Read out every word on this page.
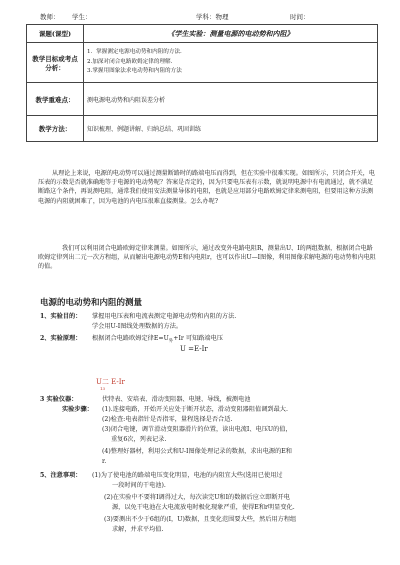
教师： 学生：	学科：物理	时间：
课题(课型)	《学生实验：测量电源的电动势和内阻》
教学目标或考点分析：	1．掌握测定电源电动势和内阻的方法.
2.加深对闭合电路欧姆定律的理解.
3.掌握用图象法求电动势和内阻的方法

教学重难点：	测电源电动势和内阻误差分析
教学方法：	知识梳理、例题讲解、归纳总结、巩固训练
从理论上来说，电源的电动势可以通过测量断路时的路端电压而得到，但在实验中很难实现。如图所示，只闭合开关，电压表的示数是否就准确地等于电源的电动势呢？答案是否定的，因为只要电压表有示数，就说明电源中有电流通过，就不满足断路这个条件，再说测电阻，通常我们使用安法测量导体的电阻，也就是应用部分电路欧姆定律来测电阻，但要用这种方法测电源的内阻就困难了，因为电池的内电压很难直接测量。怎么办呢?
我们可以利用闭合电路欧姆定律来测量。如图所示，通过改变外电路电阻R，测量出U、I的两组数据，根据闭合电路欧姆定律列出二元一次方程组，从而解出电源电动势E和内电阻r，也可以作出U—I图像，利用图像求解电源的电动势和内电阻的值。
电源的电动势和内阻的测量
1、实验目的： 掌握用电压表和电流表测定电源电动势和内阻的方法.
学会用U-I图线处理数据的方法。
2、实验原理： 根据闭合电路欧姆定律$E=U_外+Ir$ 可知路端电压
U =E-Ir
U二 E-Ir
13
3 实验仪器：	伏特表、安培表、滑动变阻器、电键、导线，被测电池
实验步骤： (1).连接电路，开始开关应处于断开状态，滑动变阻器阻值调到最大.
(2)检查:电表指针是否指零，量程选择是否合适.
(3)闭合电键，调节滑动变阻器滑片的位置，读出电流I、电压U的值，
重复6次，列表记录.
(4)整理好器材，利用公式和U-I图像处理记录的数据，求出电源的E和
r.
5、注意事项： (1)为了使电池的路端电压变化明显，电池的内阻宜大些(选用已使用过
一段时间的干电池).
(2)在实验中不要将I调得过大，每次读完U和I的数据后应立即断开电
源，以免干电池在大电流放电时极化现象严重，使得E和r明显变化.
(3)要测出不少于6组的(I，U)数据，且变化范围要大些，然后用方程组
求解，并求平均值.
